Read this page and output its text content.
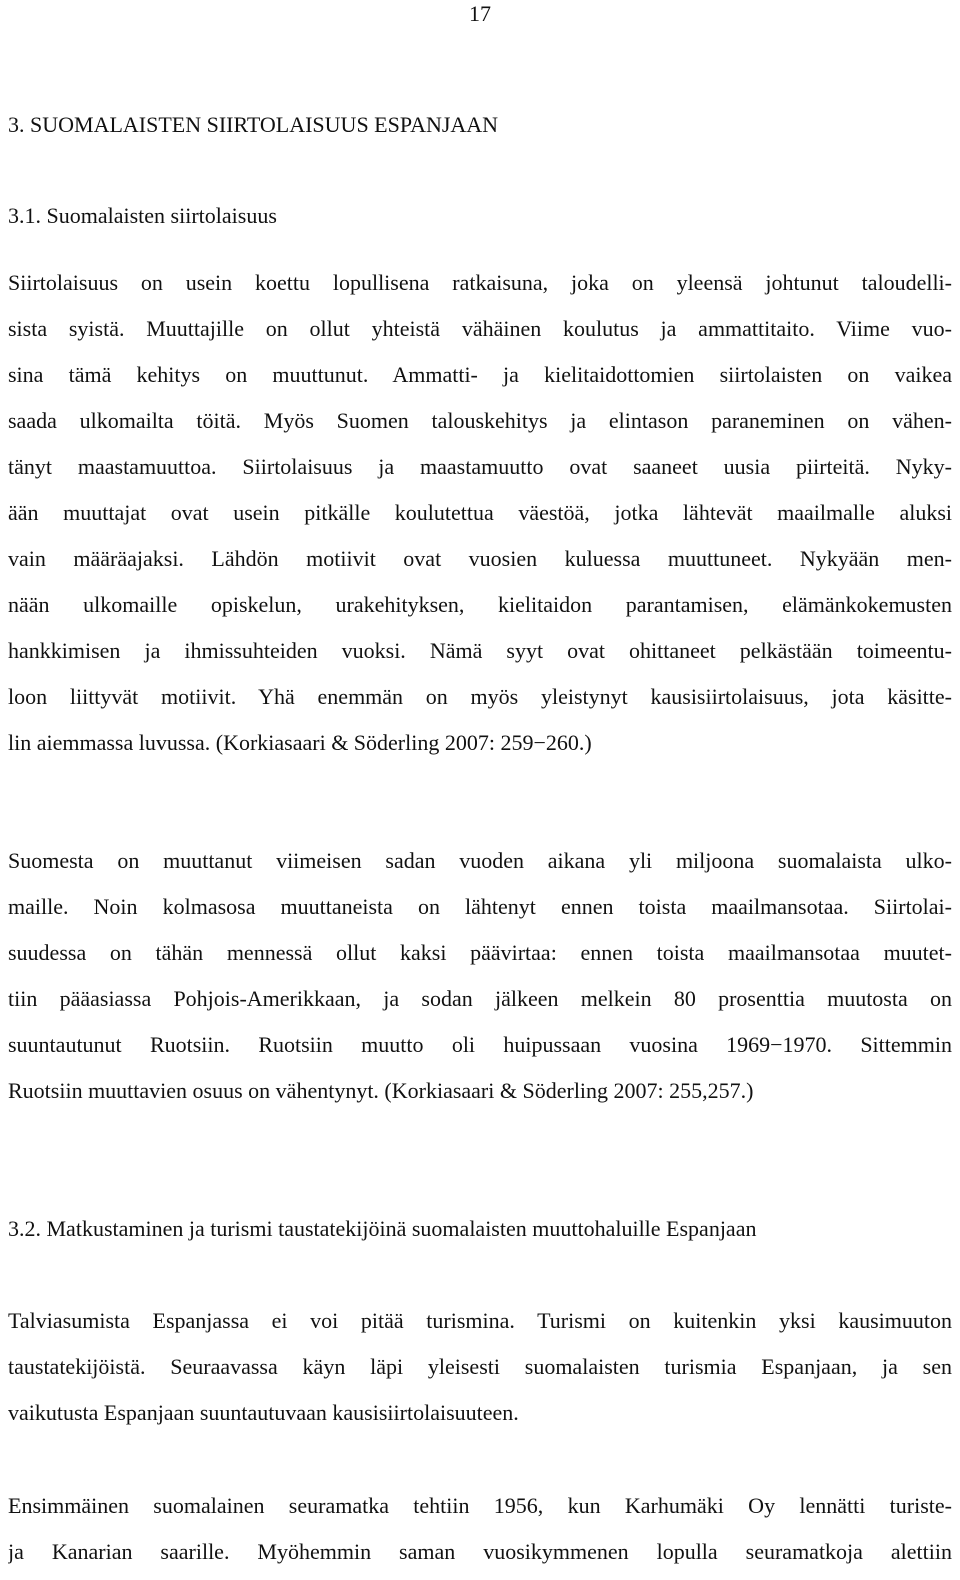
17
3. SUOMALAISTEN SIIRTOLAISUUS ESPANJAAN
3.1. Suomalaisten siirtolaisuus
Siirtolaisuus on usein koettu lopullisena ratkaisuna, joka on yleensä johtunut taloudelli-
sista syistä. Muuttajille on ollut yhteistä vähäinen koulutus ja ammattitaito. Viime vuo-
sina tämä kehitys on muuttunut. Ammatti- ja kielitaidottomien siirtolaisten on vaikea
saada ulkomailta töitä. Myös Suomen talouskehitys ja elintason paraneminen on vähen-
tänyt maastamuuttoa. Siirtolaisuus ja maastamuutto ovat saaneet uusia piirteitä. Nyky-
ään muuttajat ovat usein pitkälle koulutettua väestöä, jotka lähtevät maailmalle aluksi
vain määräajaksi. Lähdön motiivit ovat vuosien kuluessa muuttuneet. Nykyään men-
nään ulkomaille opiskelun, urakehityksen, kielitaidon parantamisen, elämänkokemusten
hankkimisen ja ihmissuhteiden vuoksi. Nämä syyt ovat ohittaneet pelkästään toimeentu-
loon liittyvät motiivit. Yhä enemmän on myös yleistynyt kausisiirtolaisuus, jota käsitte-
lin aiemmassa luvussa. (Korkiasaari & Söderling 2007: 259−260.)
Suomesta on muuttanut viimeisen sadan vuoden aikana yli miljoona suomalaista ulko-
maille. Noin kolmasosa muuttaneista on lähtenyt ennen toista maailmansotaa. Siirtolai-
suudessa on tähän mennessä ollut kaksi päävirtaa: ennen toista maailmansotaa muutet-
tiin pääasiassa Pohjois-Amerikkaan, ja sodan jälkeen melkein 80 prosenttia muutosta on
suuntautunut Ruotsiin. Ruotsiin muutto oli huipussaan vuosina 1969−1970. Sittemmin
Ruotsiin muuttavien osuus on vähentynyt. (Korkiasaari & Söderling 2007: 255,257.)
3.2. Matkustaminen ja turismi taustatekijöinä suomalaisten muuttohaluille Espanjaan
Talviasumista Espanjassa ei voi pitää turismina. Turismi on kuitenkin yksi kausimuuton
taustatekijöistä. Seuraavassa käyn läpi yleisesti suomalaisten turismia Espanjaan, ja sen
vaikutusta Espanjaan suuntautuvaan kausisiirtolaisuuteen.
Ensimmäinen suomalainen seuramatka tehtiin 1956, kun Karhumäki Oy lennätti turiste-
ja Kanarian saarille. Myöhemmin saman vuosikymmenen lopulla seuramatkoja alettiin
